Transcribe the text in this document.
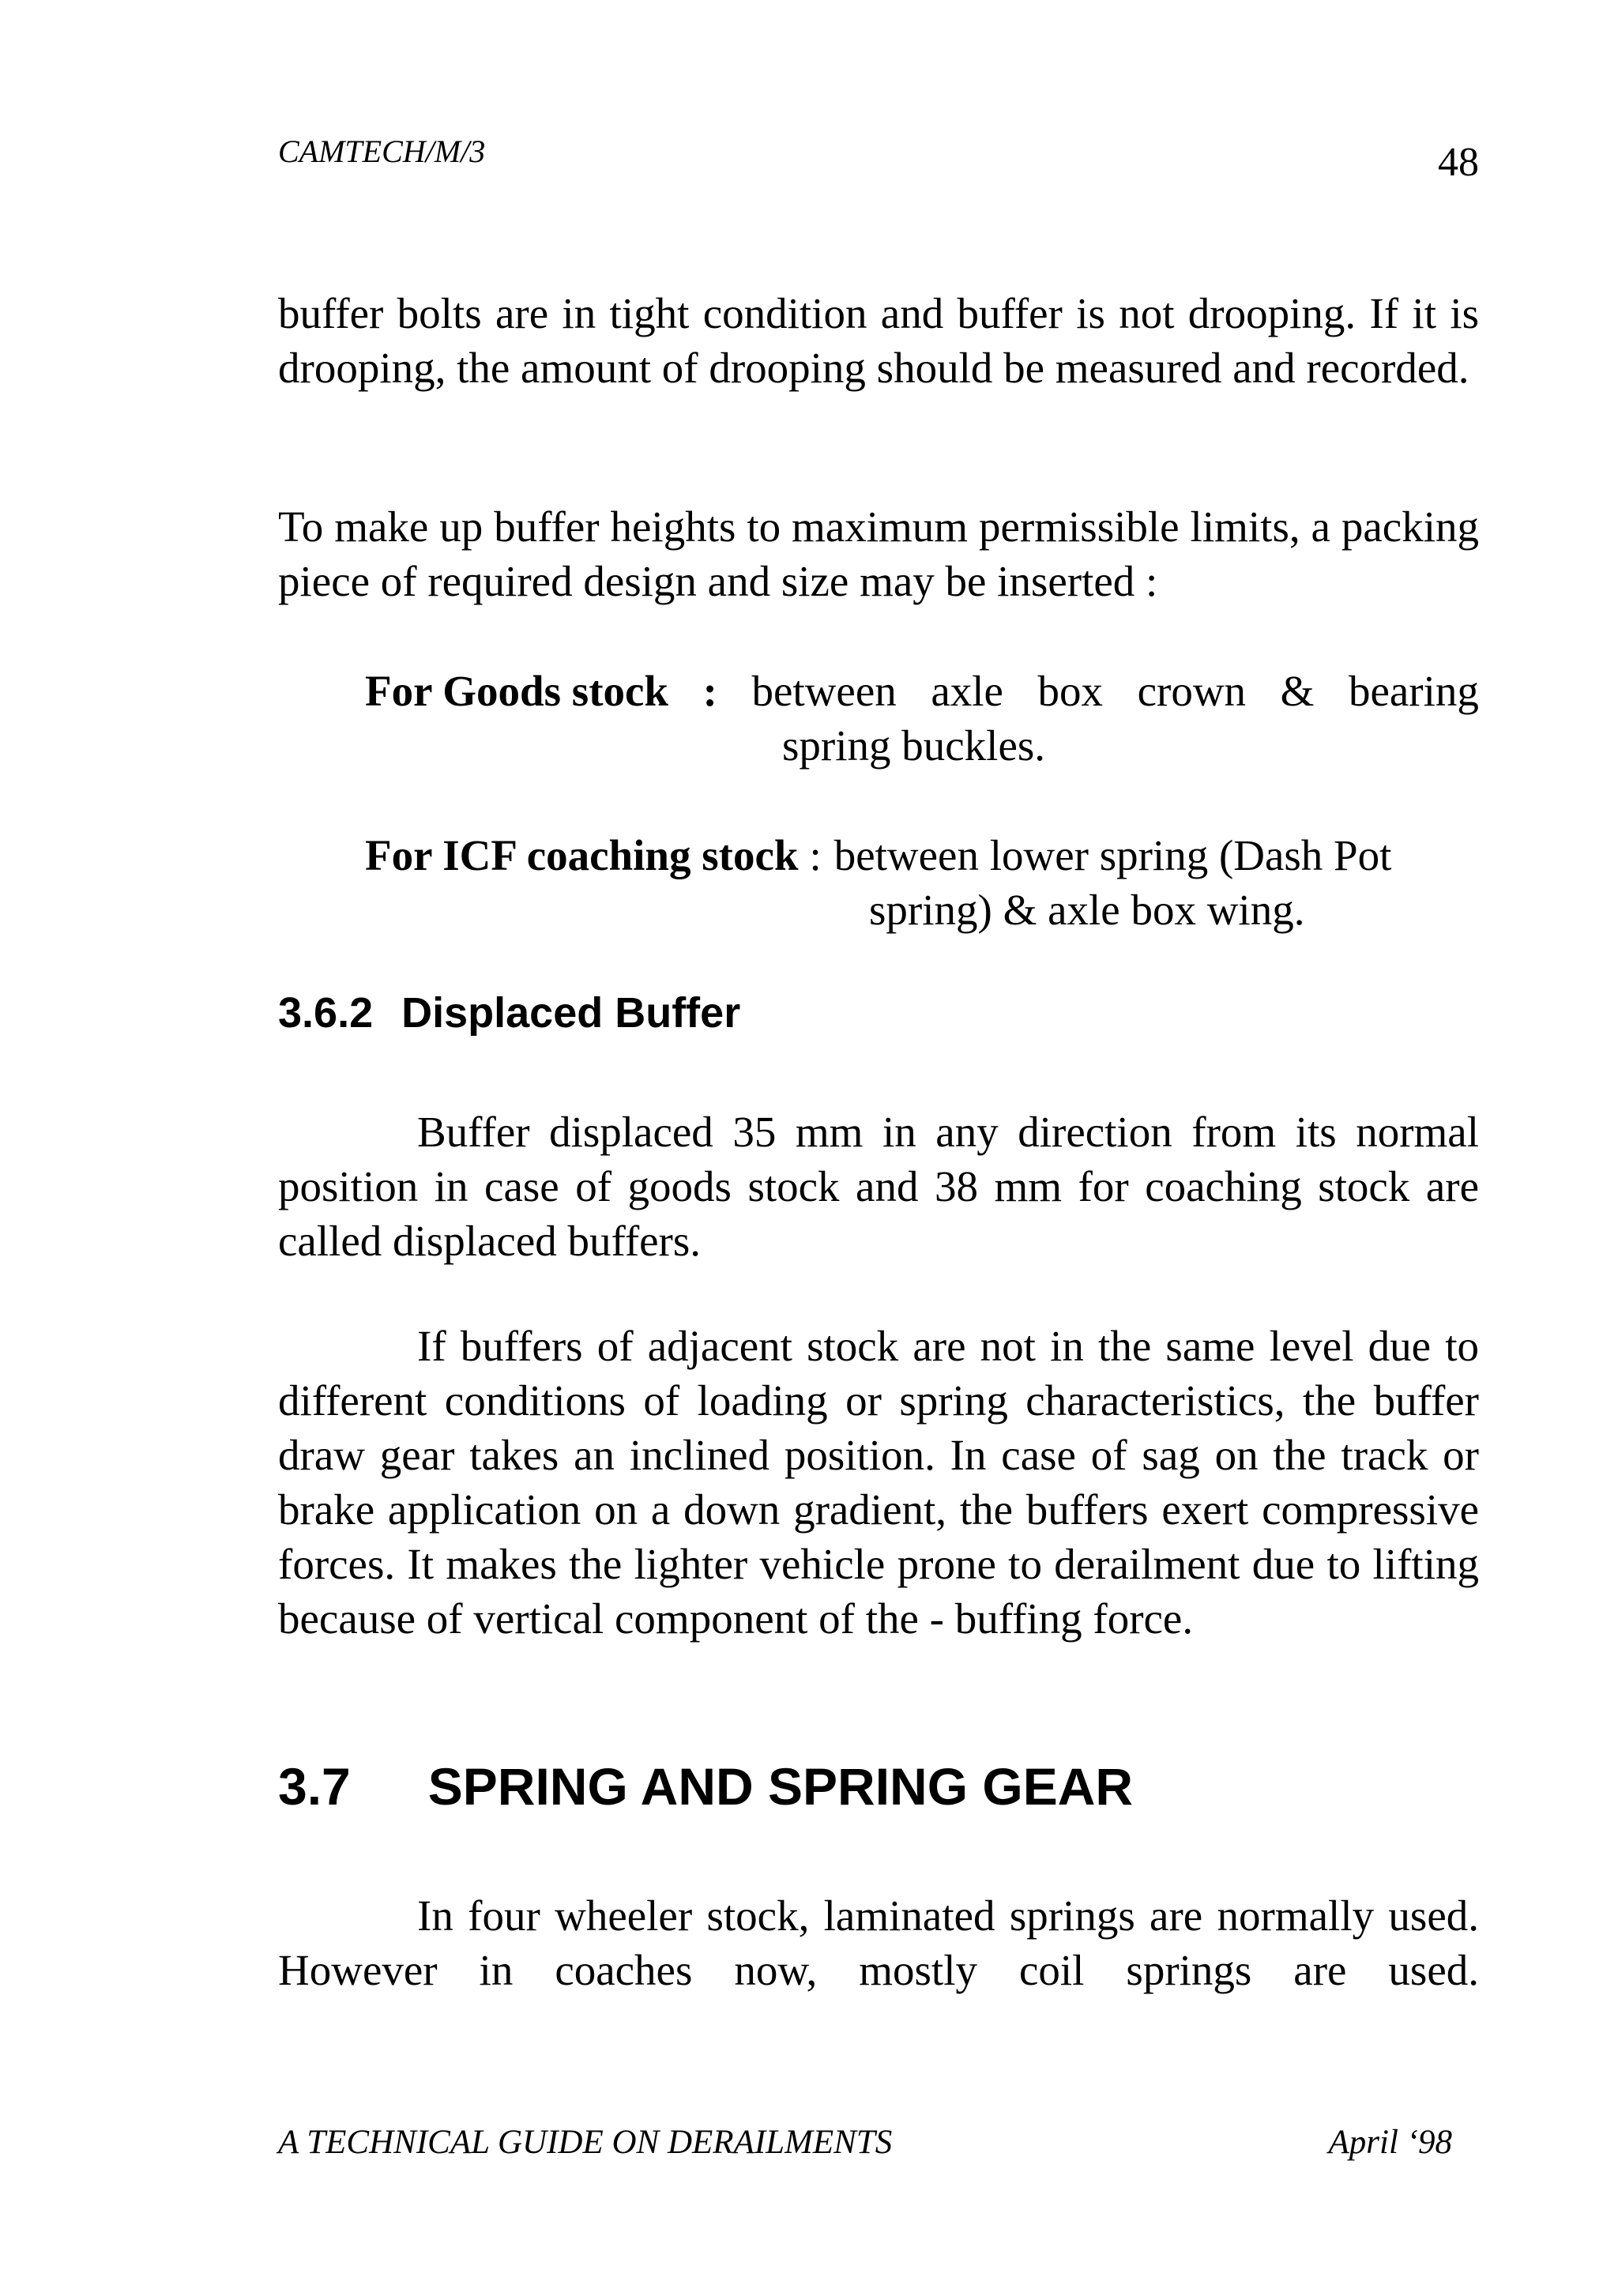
CAMTECH/M/3	48

buffer bolts are in tight condition and buffer is not drooping. If it is drooping, the amount of drooping should be measured and recorded.

To make up buffer heights to maximum permissible limits, a packing piece of required design and size may be inserted :

For Goods stock : between axle box crown & bearing
spring buckles.
For ICF coaching stock : between lower spring (Dash Pot
spring) & axle box wing.
3.6.2 Displaced Buffer

Buffer displaced 35 mm in any direction from its normal position in case of goods stock and 38 mm for coaching stock are called displaced buffers.

If buffers of adjacent stock are not in the same level due to different conditions of loading or spring characteristics, the buffer draw gear takes an inclined position. In case of sag on the track or brake application on a down gradient, the buffers exert compressive forces. It makes the lighter vehicle prone to derailment due to lifting because of vertical component of the - buffing force.

3.7 SPRING AND SPRING GEAR

In four wheeler stock, laminated springs are normally used. However in coaches now, mostly coil springs are used.

A TECHNICAL GUIDE ON DERAILMENTS	April ‘98
